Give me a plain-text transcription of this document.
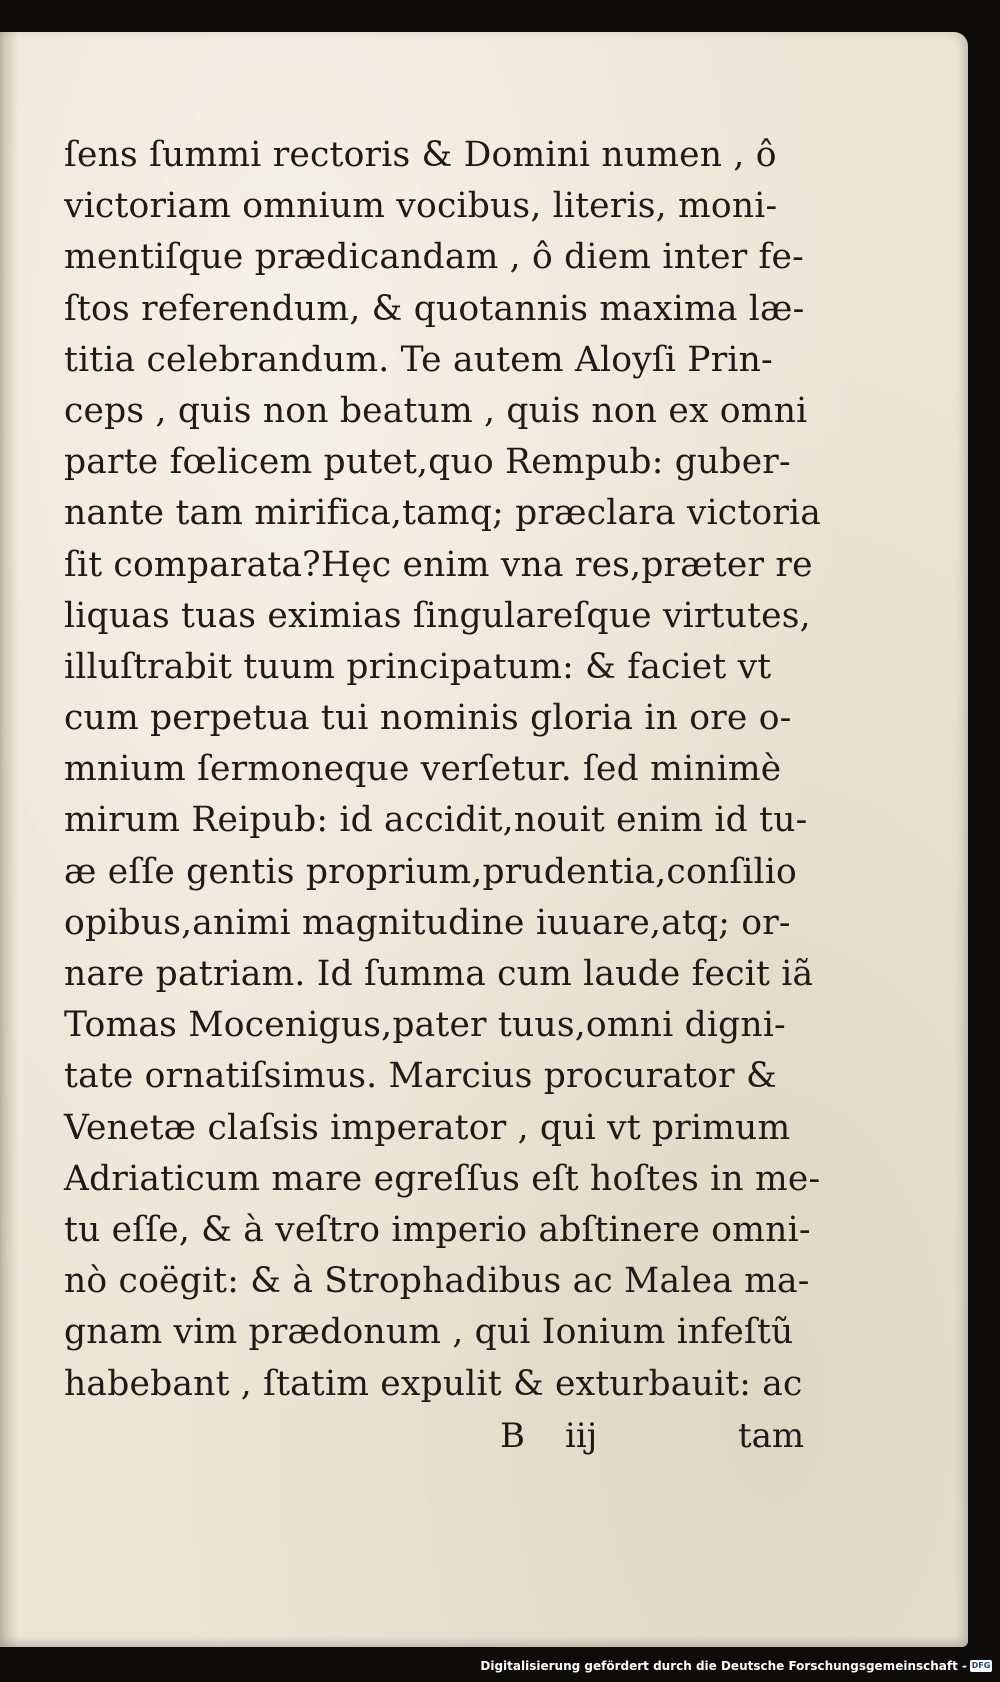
ſens ſummi rectoris & Domini numen , ô
victoriam omnium vocibus, literis, moni-
mentiſque prædicandam , ô diem inter fe-
ſtos referendum, & quotannis maxima læ-
titia celebrandum. Te autem Aloyſi Prin-
ceps , quis non beatum , quis non ex omni
parte fœlicem putet,quo Rempub: guber-
nante tam mirifica,tamq; præclara victoria
ſit comparata?Hęc enim vna res,præter re
liquas tuas eximias ſingulareſque virtutes,
illuſtrabit tuum principatum: & faciet vt
cum perpetua tui nominis gloria in ore o-
mnium ſermoneque verſetur. ſed minimè
mirum Reipub: id accidit,nouit enim id tu-
æ eſſe gentis proprium,prudentia,conſilio
opibus,animi magnitudine iuuare,atq; or-
nare patriam. Id ſumma cum laude fecit iã
Tomas Mocenigus,pater tuus,omni digni-
tate ornatiſsimus. Marcius procurator &
Venetæ claſsis imperator , qui vt primum
Adriaticum mare egreſſus eſt hoſtes in me-
tu eſſe, & à veſtro imperio abſtinere omni-
nò coëgit: & à Strophadibus ac Malea ma-
gnam vim prædonum , qui Ionium infeſtũ
habebant , ſtatim expulit & exturbauit: ac
B iij	tam
Digitalisierung gefördert durch die Deutsche Forschungsgemeinschaft - DFG
